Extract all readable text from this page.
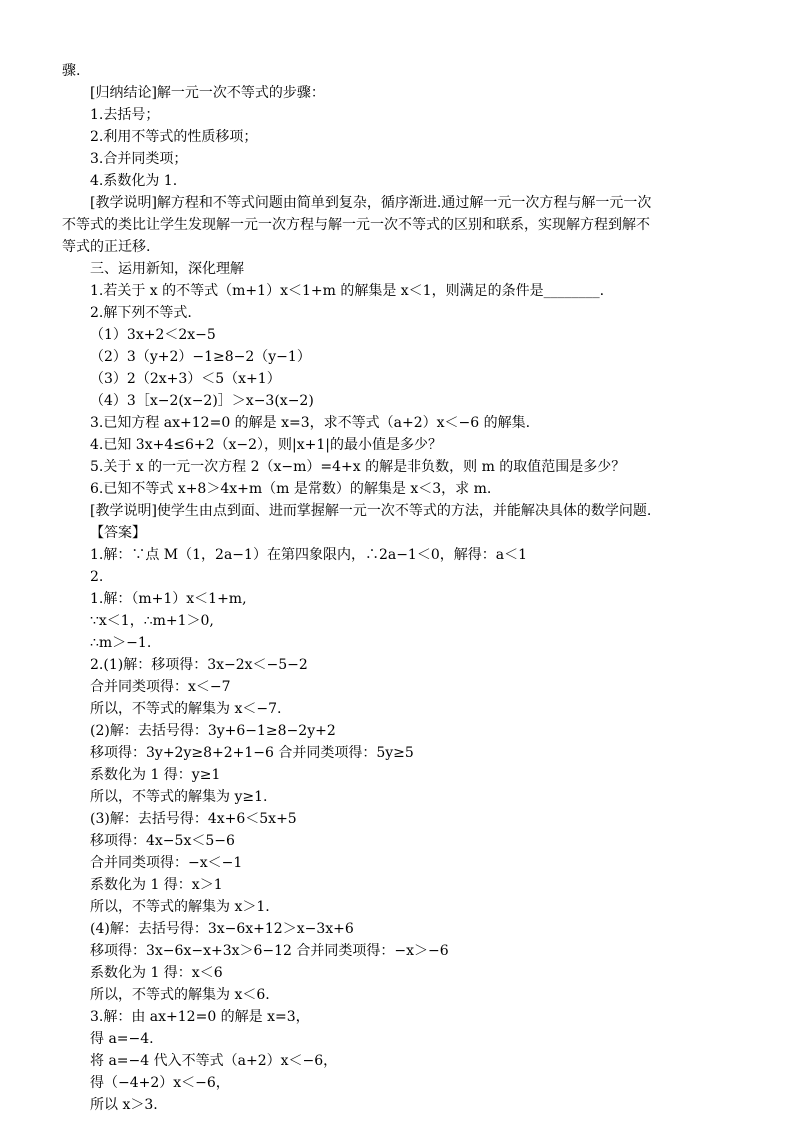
骤.
[归纳结论]解一元一次不等式的步骤：
1.去括号；
2.利用不等式的性质移项；
3.合并同类项；
4.系数化为 1.
[教学说明]解方程和不等式问题由简单到复杂，循序渐进.通过解一元一次方程与解一元一次
不等式的类比让学生发现解一元一次方程与解一元一次不等式的区别和联系，实现解方程到解不
等式的正迁移.
三、运用新知，深化理解
1.若关于 x 的不等式（m+1）x＜1+m 的解集是 x＜1，则满足的条件是________.
2.解下列不等式.
（1）3x+2＜2x−5
（2）3（y+2）−1≥8−2（y−1）
（3）2（2x+3）＜5（x+1）
（4）3［x−2(x−2)］＞x−3(x−2)
3.已知方程 ax+12=0 的解是 x=3，求不等式（a+2）x＜−6 的解集.
4.已知 3x+4≤6+2（x−2），则|x+1|的最小值是多少？
5.关于 x 的一元一次方程 2（x−m）=4+x 的解是非负数，则 m 的取值范围是多少？
6.已知不等式 x+8＞4x+m（m 是常数）的解集是 x＜3，求 m.
[教学说明]使学生由点到面、进而掌握解一元一次不等式的方法，并能解决具体的数学问题.
【答案】
1.解：∵点 M（1，2a−1）在第四象限内，∴2a−1＜0，解得：a＜1
2.
1.解：（m+1）x＜1+m,
∵x＜1，∴m+1＞0,
∴m＞−1.
2.(1)解：移项得：3x−2x＜−5−2
合并同类项得：x＜−7
所以，不等式的解集为 x＜−7.
(2)解：去括号得：3y+6−1≥8−2y+2
移项得：3y+2y≥8+2+1−6 合并同类项得：5y≥5
系数化为 1 得：y≥1
所以，不等式的解集为 y≥1.
(3)解：去括号得：4x+6＜5x+5
移项得：4x−5x＜5−6
合并同类项得：−x＜−1
系数化为 1 得：x＞1
所以，不等式的解集为 x＞1.
(4)解：去括号得：3x−6x+12＞x−3x+6
移项得：3x−6x−x+3x＞6−12 合并同类项得：−x＞−6
系数化为 1 得：x＜6
所以，不等式的解集为 x＜6.
3.解：由 ax+12=0 的解是 x=3，
得 a=−4.
将 a=−4 代入不等式（a+2）x＜−6，
得（−4+2）x＜−6，
所以 x＞3.
